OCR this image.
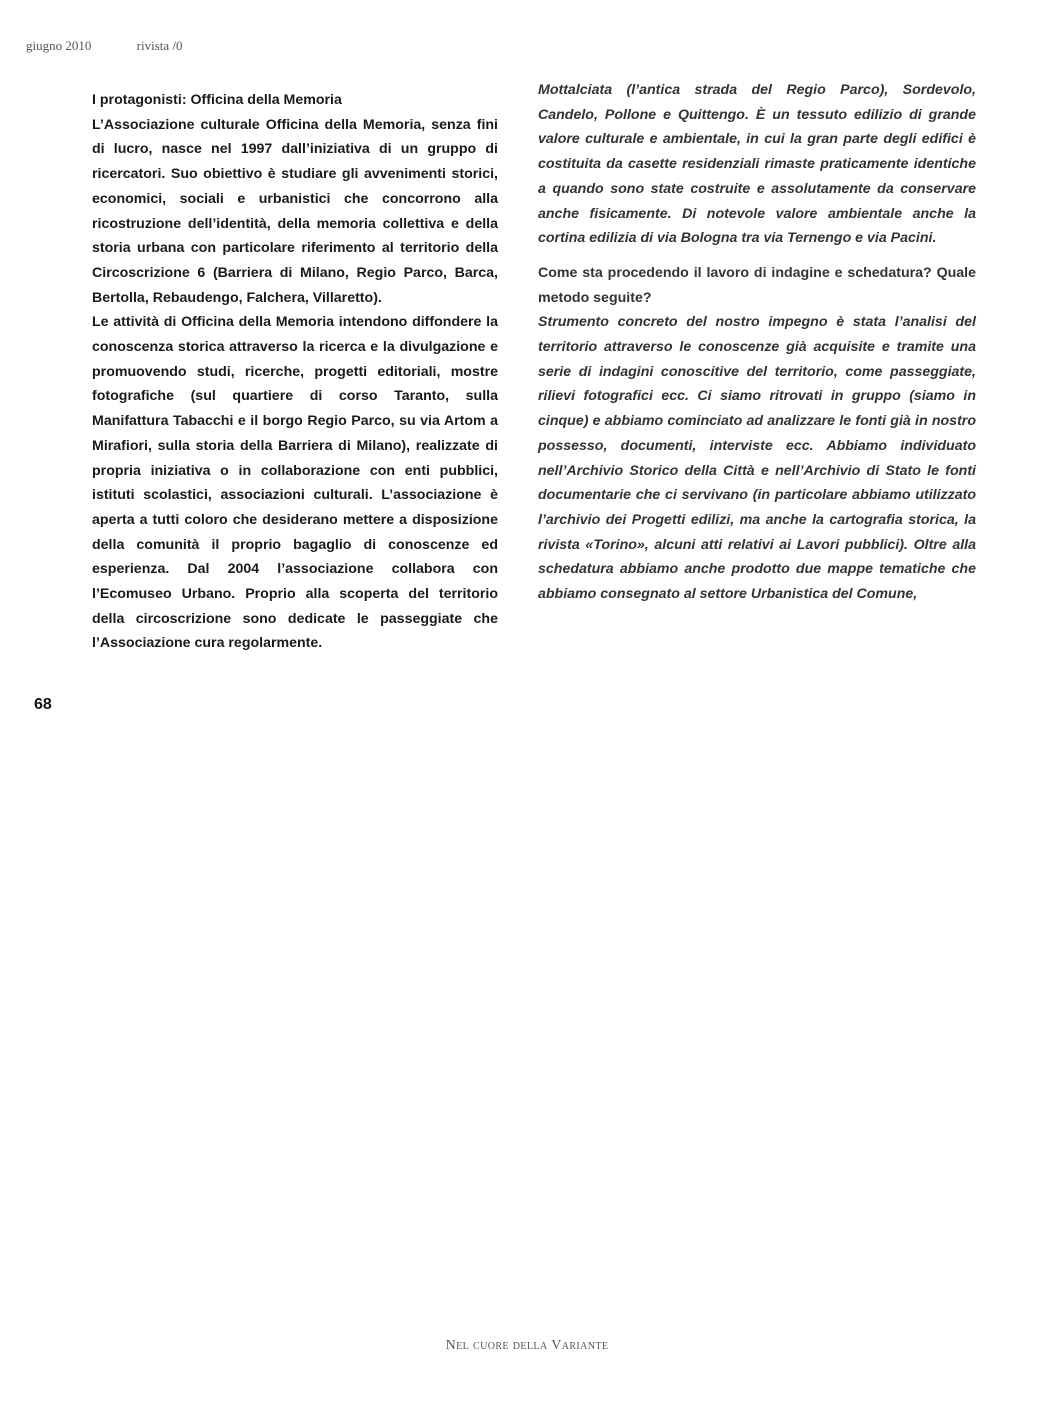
giugno 2010	rivista /0

I protagonisti: Officina della Memoria

L’Associazione culturale Officina della Memoria, senza fini di lucro, nasce nel 1997 dall’iniziativa di un gruppo di ricercatori. Suo obiettivo è studiare gli avvenimenti storici, economici, sociali e urbanistici che concorrono alla ricostruzione dell’identità, della memoria collettiva e della storia urbana con particolare riferimento al territorio della Circoscrizione 6 (Barriera di Milano, Regio Parco, Barca, Bertolla, Rebaudengo, Falchera, Villaretto).

Le attività di Officina della Memoria intendono diffondere la conoscenza storica attraverso la ricerca e la divulgazione e promuovendo studi, ricerche, progetti editoriali, mostre fotografiche (sul quartiere di corso Taranto, sulla Manifattura Tabacchi e il borgo Regio Parco, su via Artom a Mirafiori, sulla storia della Barriera di Milano), realizzate di propria iniziativa o in collaborazione con enti pubblici, istituti scolastici, associazioni culturali. L’associazione è aperta a tutti coloro che desiderano mettere a disposizione della comunità il proprio bagaglio di conoscenze ed esperienza. Dal 2004 l’associazione collabora con l’Ecomuseo Urbano. Proprio alla scoperta del territorio della circoscrizione sono dedicate le passeggiate che l’Associazione cura regolarmente.

Mottalciata (l’antica strada del Regio Parco), Sordevolo, Candelo, Pollone e Quittengo. È un tessuto edilizio di grande valore culturale e ambientale, in cui la gran parte degli edifici è costituita da casette residenziali rimaste praticamente identiche a quando sono state costruite e assolutamente da conservare anche fisicamente. Di notevole valore ambientale anche la cortina edilizia di via Bologna tra via Ternengo e via Pacini.

Come sta procedendo il lavoro di indagine e schedatura? Quale metodo seguite?

Strumento concreto del nostro impegno è stata l’analisi del territorio attraverso le conoscenze già acquisite e tramite una serie di indagini conoscitive del territorio, come passeggiate, rilievi fotografici ecc. Ci siamo ritrovati in gruppo (siamo in cinque) e abbiamo cominciato ad analizzare le fonti già in nostro possesso, documenti, interviste ecc. Abbiamo individuato nell’Archivio Storico della Città e nell’Archivio di Stato le fonti documentarie che ci servivano (in particolare abbiamo utilizzato l’archivio dei Progetti edilizi, ma anche la cartografia storica, la rivista «Torino», alcuni atti relativi ai Lavori pubblici). Oltre alla schedatura abbiamo anche prodotto due mappe tematiche che abbiamo consegnato al settore Urbanistica del Comune,

68
Nel cuore della Variante
